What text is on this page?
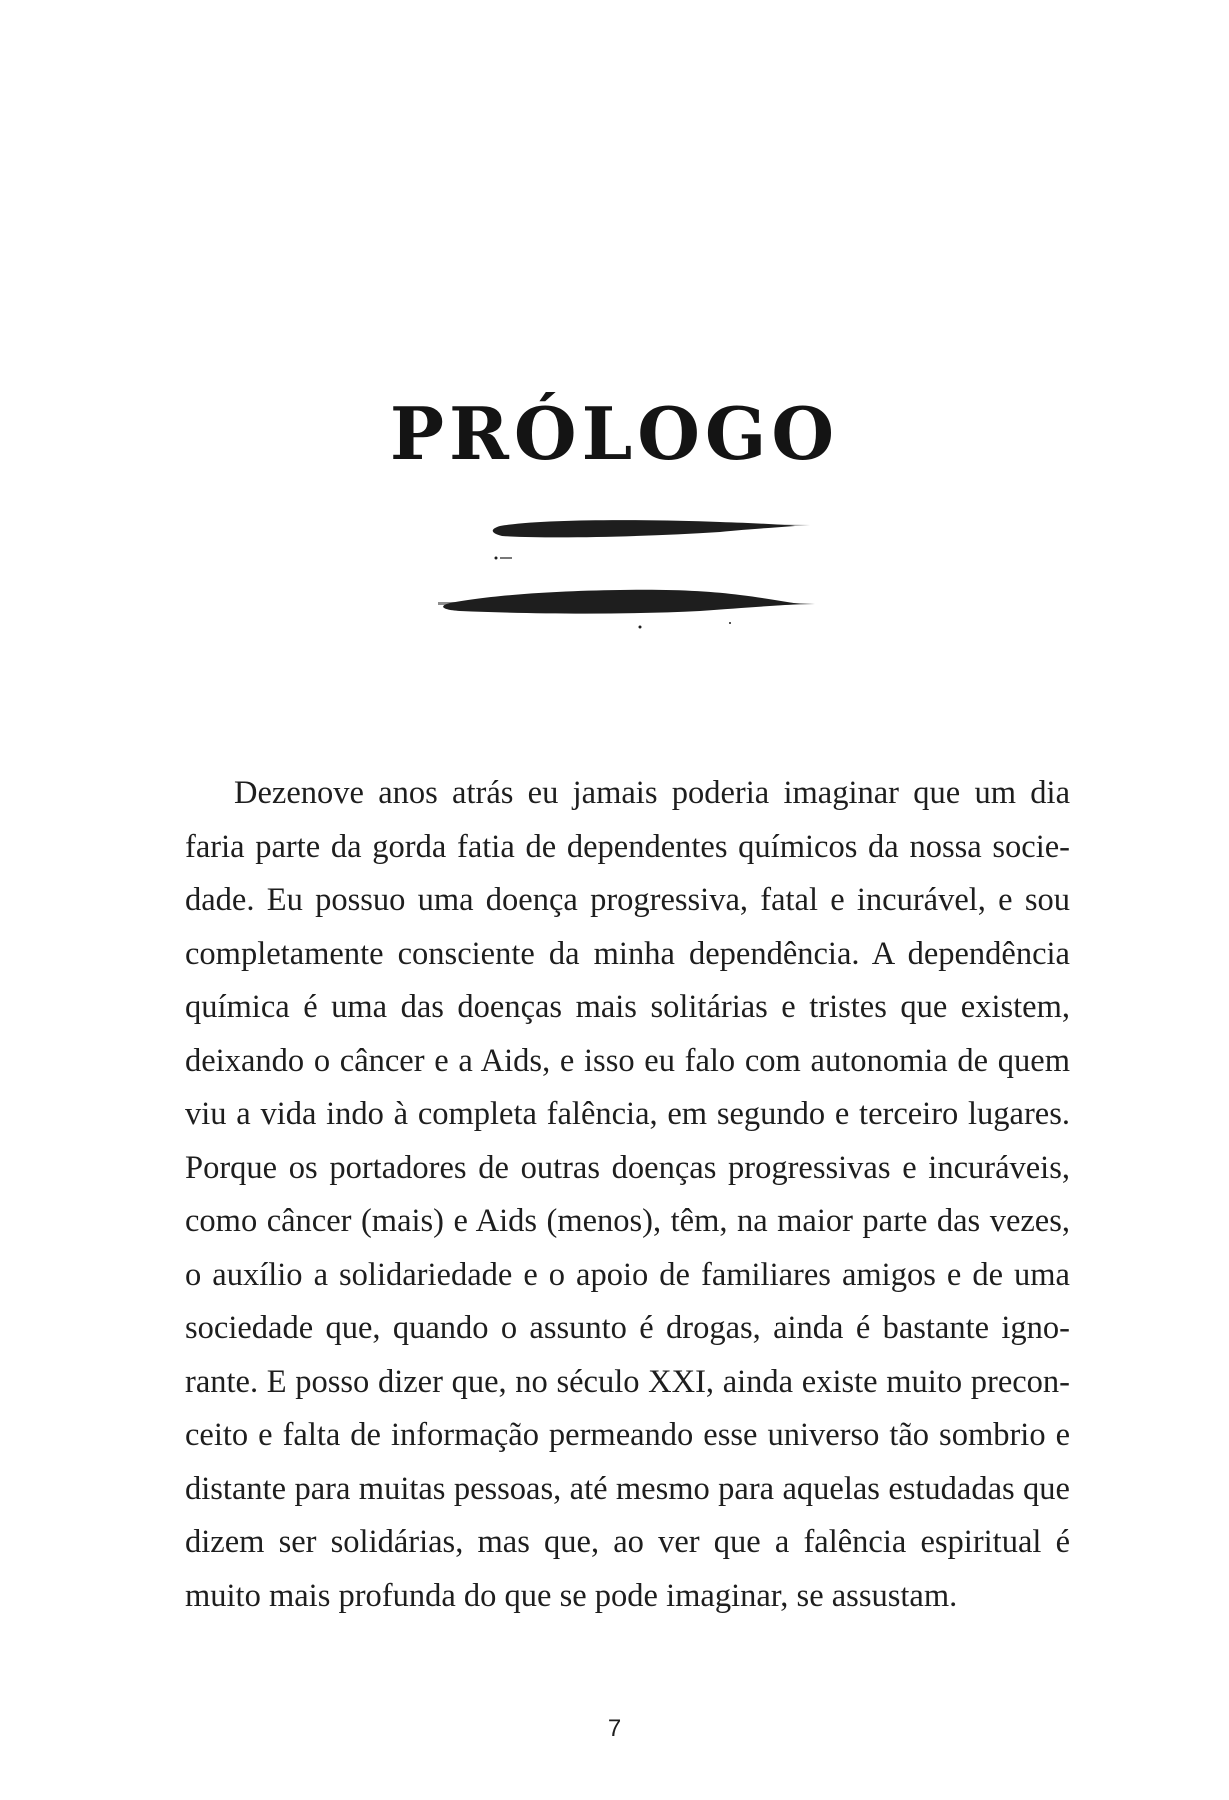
PRÓLOGO

Dezenove anos atrás eu jamais poderia imaginar que um dia faria parte da gorda fatia de dependentes químicos da nossa sociedade. Eu possuo uma doença progressiva, fatal e incurável, e sou completamente consciente da minha dependência. A dependência química é uma das doenças mais solitárias e tristes que existem, deixando o câncer e a Aids, e isso eu falo com autonomia de quem viu a vida indo à completa falência, em segundo e terceiro lugares. Porque os portadores de outras doenças progressivas e incuráveis, como câncer (mais) e Aids (menos), têm, na maior parte das vezes, o auxílio a solidariedade e o apoio de familiares amigos e de uma sociedade que, quando o assunto é drogas, ainda é bastante ignorante. E posso dizer que, no século XXI, ainda existe muito preconceito e falta de informação permeando esse universo tão sombrio e distante para muitas pessoas, até mesmo para aquelas estudadas que dizem ser solidárias, mas que, ao ver que a falência espiritual é muito mais profunda do que se pode imaginar, se assustam.

7
